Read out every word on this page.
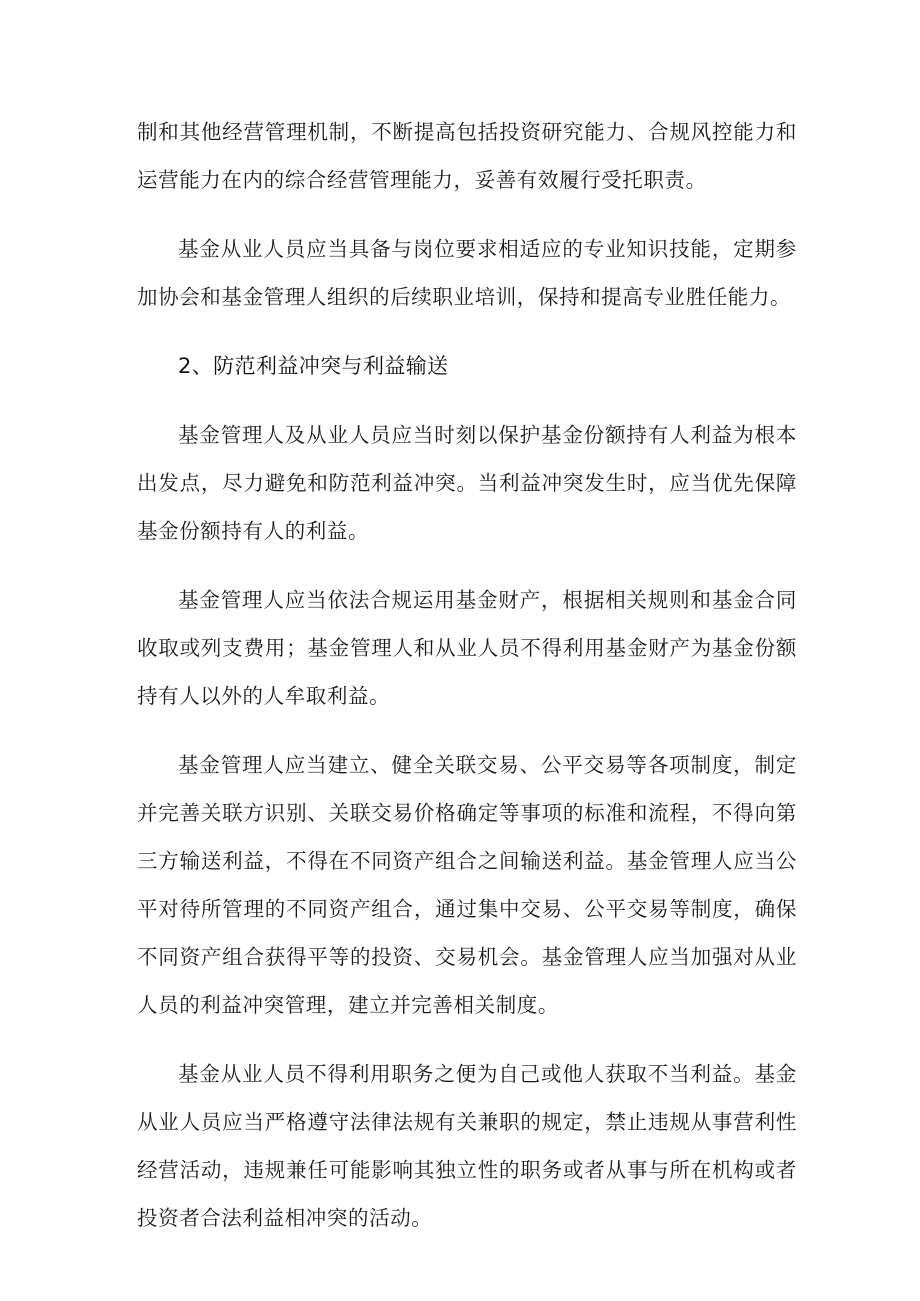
制和其他经营管理机制，不断提高包括投资研究能力、合规风控能力和运营能力在内的综合经营管理能力，妥善有效履行受托职责。

基金从业人员应当具备与岗位要求相适应的专业知识技能，定期参加协会和基金管理人组织的后续职业培训，保持和提高专业胜任能力。

2、防范利益冲突与利益输送

基金管理人及从业人员应当时刻以保护基金份额持有人利益为根本出发点，尽力避免和防范利益冲突。当利益冲突发生时，应当优先保障基金份额持有人的利益。

基金管理人应当依法合规运用基金财产，根据相关规则和基金合同收取或列支费用；基金管理人和从业人员不得利用基金财产为基金份额持有人以外的人牟取利益。

基金管理人应当建立、健全关联交易、公平交易等各项制度，制定并完善关联方识别、关联交易价格确定等事项的标准和流程，不得向第三方输送利益，不得在不同资产组合之间输送利益。基金管理人应当公平对待所管理的不同资产组合，通过集中交易、公平交易等制度，确保不同资产组合获得平等的投资、交易机会。基金管理人应当加强对从业人员的利益冲突管理，建立并完善相关制度。

基金从业人员不得利用职务之便为自己或他人获取不当利益。基金从业人员应当严格遵守法律法规有关兼职的规定，禁止违规从事营利性经营活动，违规兼任可能影响其独立性的职务或者从事与所在机构或者投资者合法利益相冲突的活动。
